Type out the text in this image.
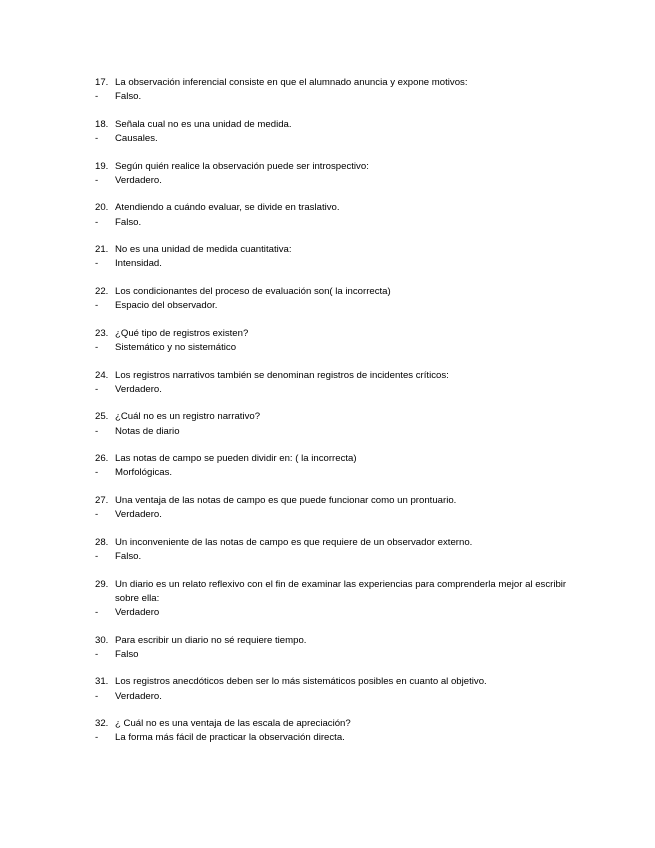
17. La observación inferencial consiste en que el alumnado anuncia y expone motivos:
-	Falso.
18. Señala cual no es una unidad de medida.
-	Causales.
19. Según quién realice la observación puede ser introspectivo:
-	Verdadero.
20. Atendiendo a cuándo evaluar, se divide en traslativo.
-	Falso.
21. No es una unidad de medida cuantitativa:
-	Intensidad.
22. Los condicionantes del proceso de evaluación son( la incorrecta)
-	Espacio del observador.
23. ¿Qué tipo de registros existen?
-	Sistemático y no sistemático
24. Los registros narrativos también se denominan registros de incidentes críticos:
-	Verdadero.
25. ¿Cuál no es un registro narrativo?
-	Notas de diario
26. Las notas de campo se pueden dividir en: ( la incorrecta)
-	Morfológicas.
27. Una ventaja de las notas de campo es que puede funcionar como un prontuario.
-	Verdadero.
28. Un inconveniente de las notas de campo es que requiere de un observador externo.
-	Falso.
29. Un diario es un relato reflexivo con el fin de examinar las experiencias para comprenderla mejor al escribir sobre ella:
-	Verdadero
30. Para escribir un diario no sé requiere tiempo.
-	Falso
31. Los registros anecdóticos deben ser lo más sistemáticos posibles en cuanto al objetivo.
-	Verdadero.
32. ¿ Cuál no es una ventaja de las escala de apreciación?
-	La forma más fácil de practicar la observación directa.
